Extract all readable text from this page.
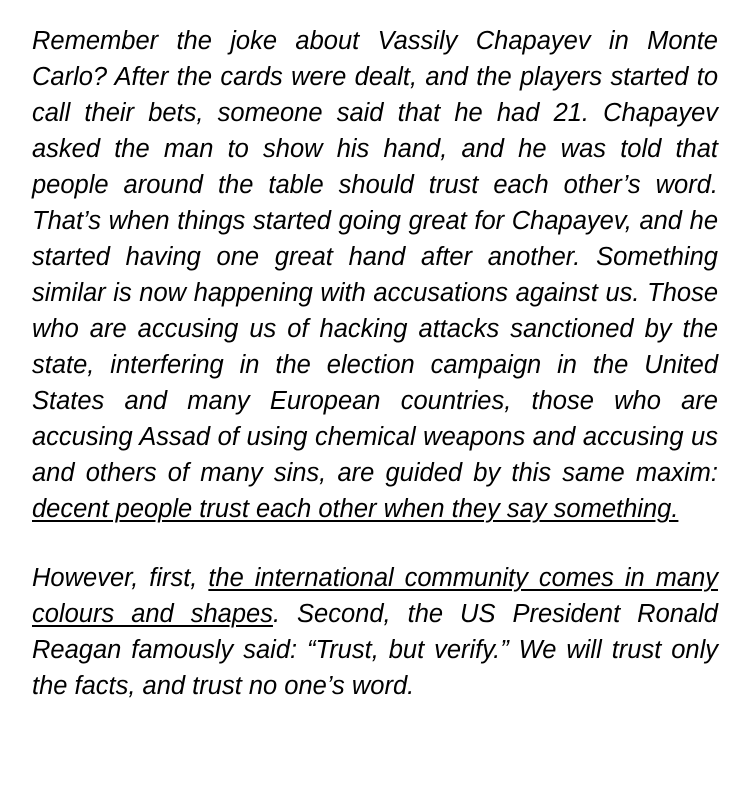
Remember the joke about Vassily Chapayev in Monte Carlo? After the cards were dealt, and the players started to call their bets, someone said that he had 21. Chapayev asked the man to show his hand, and he was told that people around the table should trust each other’s word. That’s when things started going great for Chapayev, and he started having one great hand after another. Something similar is now happening with accusations against us. Those who are accusing us of hacking attacks sanctioned by the state, interfering in the election campaign in the United States and many European countries, those who are accusing Assad of using chemical weapons and accusing us and others of many sins, are guided by this same maxim: decent people trust each other when they say something.

However, first, the international community comes in many colours and shapes. Second, the US President Ronald Reagan famously said: “Trust, but verify.” We will trust only the facts, and trust no one’s word.
